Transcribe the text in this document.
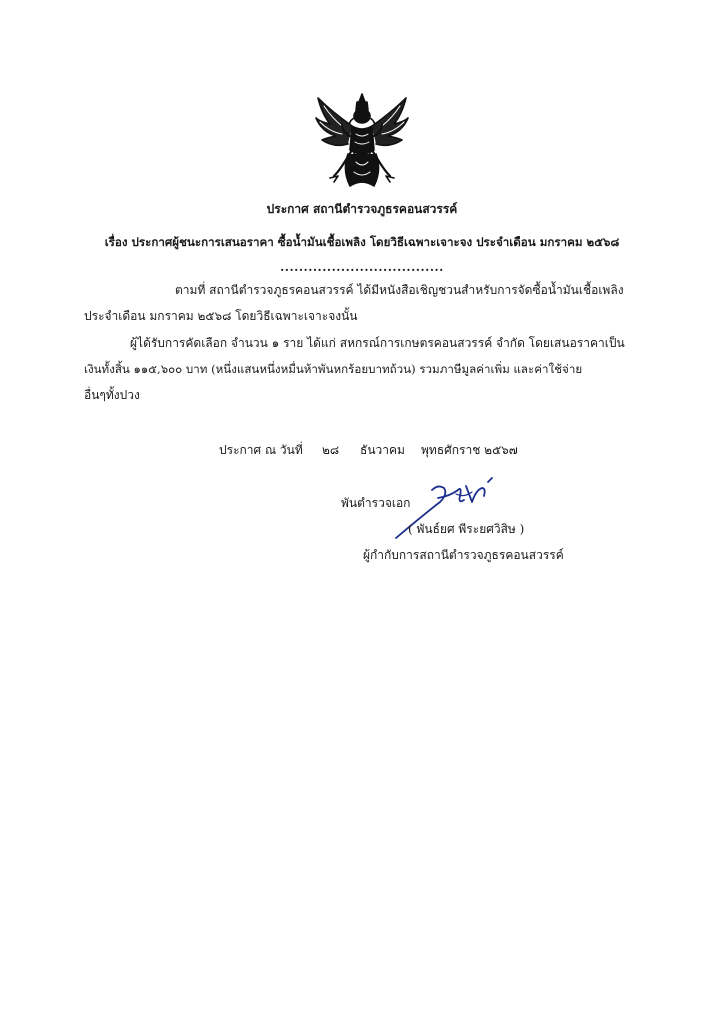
ประกาศ สถานีตำรวจภูธรคอนสวรรค์
เรื่อง ประกาศผู้ชนะการเสนอราคา ซื้อน้ำมันเชื้อเพลิง โดยวิธีเฉพาะเจาะจง ประจำเดือน มกราคม ๒๕๖๘
...................................
ตามที่ สถานีตำรวจภูธรคอนสวรรค์ ได้มีหนังสือเชิญชวนสำหรับการจัดซื้อน้ำมันเชื้อเพลิง
ประจำเดือน มกราคม ๒๕๖๘ โดยวิธีเฉพาะเจาะจงนั้น
ผู้ได้รับการคัดเลือก จำนวน ๑ ราย ได้แก่ สหกรณ์การเกษตรคอนสวรรค์ จำกัด โดยเสนอราคาเป็น
เงินทั้งสิ้น ๑๑๕,๖๐๐ บาท (หนึ่งแสนหนึ่งหมื่นห้าพันหกร้อยบาทถ้วน) รวมภาษีมูลค่าเพิ่ม และค่าใช้จ่าย
อื่นๆทั้งปวง
ประกาศ ณ วันที่ ๒๘ ธันวาคม พุทธศักราช ๒๕๖๗
พันตำรวจเอก
( พันธ์ยศ พีระยศวิสิษ )
ผู้กำกับการสถานีตำรวจภูธรคอนสวรรค์
